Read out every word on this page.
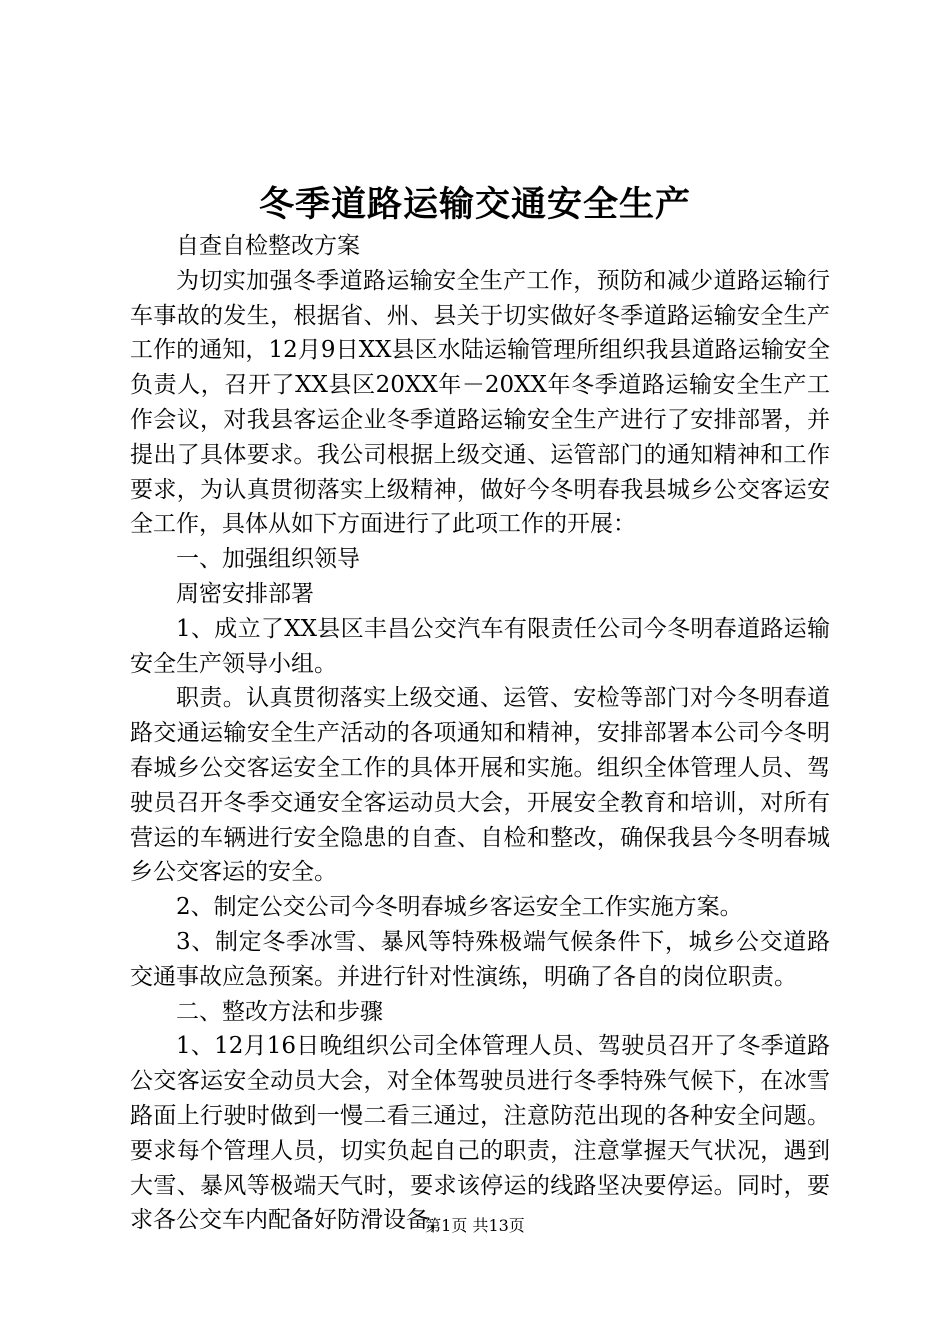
冬季道路运输交通安全生产

自查自检整改方案

为切实加强冬季道路运输安全生产工作，预防和减少道路运输行车事故的发生，根据省、州、县关于切实做好冬季道路运输安全生产工作的通知，12月9日XX县区水陆运输管理所组织我县道路运输安全负责人，召开了XX县区20XX年－20XX年冬季道路运输安全生产工作会议，对我县客运企业冬季道路运输安全生产进行了安排部署，并提出了具体要求。我公司根据上级交通、运管部门的通知精神和工作要求，为认真贯彻落实上级精神，做好今冬明春我县城乡公交客运安全工作，具体从如下方面进行了此项工作的开展：

一、加强组织领导

周密安排部署

1、成立了XX县区丰昌公交汽车有限责任公司今冬明春道路运输安全生产领导小组。

职责。认真贯彻落实上级交通、运管、安检等部门对今冬明春道路交通运输安全生产活动的各项通知和精神，安排部署本公司今冬明春城乡公交客运安全工作的具体开展和实施。组织全体管理人员、驾驶员召开冬季交通安全客运动员大会，开展安全教育和培训，对所有营运的车辆进行安全隐患的自查、自检和整改，确保我县今冬明春城乡公交客运的安全。

2、制定公交公司今冬明春城乡客运安全工作实施方案。

3、制定冬季冰雪、暴风等特殊极端气候条件下，城乡公交道路交通事故应急预案。并进行针对性演练，明确了各自的岗位职责。

二、整改方法和步骤

1、12月16日晚组织公司全体管理人员、驾驶员召开了冬季道路公交客运安全动员大会，对全体驾驶员进行冬季特殊气候下，在冰雪路面上行驶时做到一慢二看三通过，注意防范出现的各种安全问题。要求每个管理人员，切实负起自己的职责，注意掌握天气状况，遇到大雪、暴风等极端天气时，要求该停运的线路坚决要停运。同时，要求各公交车内配备好防滑设备，

第1页 共13页
